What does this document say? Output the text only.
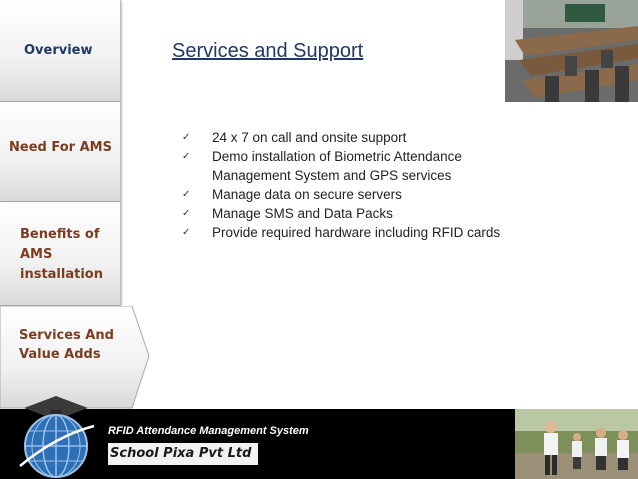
Overview
Need For AMS
Benefits of AMS installation
Services And Value Adds
Services and Support
✓ 24 x 7 on call and onsite support
✓ Demo installation of Biometric Attendance Management System and GPS services
✓ Manage data on secure servers
✓ Manage SMS and Data Packs
✓ Provide required hardware including RFID cards
RFID Attendance Management System
School Pixa Pvt Ltd
